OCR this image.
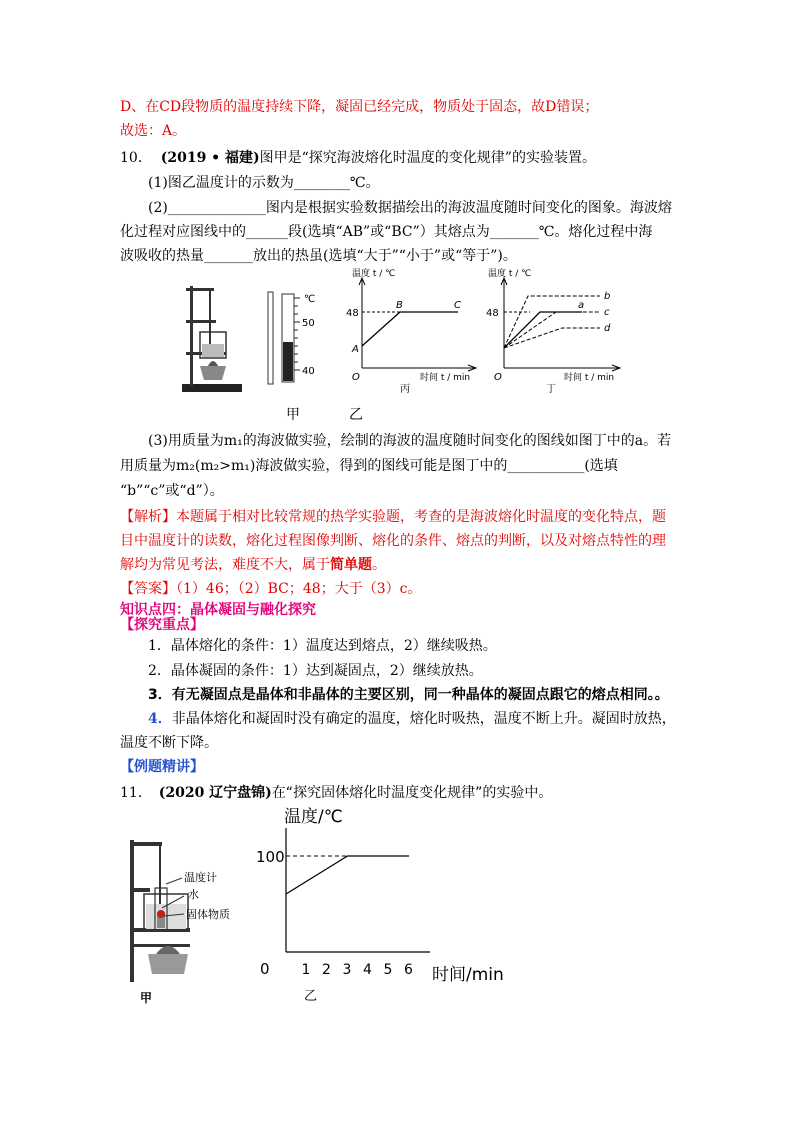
D、在CD段物质的温度持续下降，凝固已经完成，物质处于固态，故D错误；
故选：A。
10. (2019 • 福建)图甲是“探究海波熔化时温度的变化规律”的实验装置。
(1)图乙温度计的示数为________℃。
(2)______________图内是根据实验数据描绘出的海波温度随时间变化的图象。海波熔
化过程对应图线中的______段(选填“AB”或“BC”）其熔点为_______℃。熔化过程中海
波吸收的热量_______放出的热虽(选填“大于”“小于”或“等于”)。
甲
℃
50
40
乙
温度 t / ℃
48
O
A
B	C
时间 t / min
丙
温度 t / ℃
48
O
a
b
c
d
时间 t / min
丁
(3)用质量为m₁的海波做实验，绘制的海波的温度随时间变化的图线如图丁中的a。若
用质量为m₂(m₂>m₁)海波做实验，得到的图线可能是图丁中的___________(选填
“b”“c”或“d”）。
【解析】本题属于相对比较常规的热学实验题，考查的是海波熔化时温度的变化特点，题
目中温度计的读数，熔化过程图像判断、熔化的条件、熔点的判断，以及对熔点特性的理
解均为常见考法，难度不大，属于简单题。
【答案】（1）46；（2）BC；48；大于（3）c。
知识点四：晶体凝固与融化探究
【探究重点】
1．晶体熔化的条件：1）温度达到熔点，2）继续吸热。
2．晶体凝固的条件：1）达到凝固点，2）继续放热。
3．有无凝固点是晶体和非晶体的主要区别，同一种晶体的凝固点跟它的熔点相同。。
4．非晶体熔化和凝固时没有确定的温度，熔化时吸热，温度不断上升。凝固时放热，
温度不断下降。
【例题精讲】
11. (2020 辽宁盘锦)在“探究固体熔化时温度变化规律”的实验中。
温度计
水
固体物质
甲
温度/℃
100
0 1 2 3 4 5 6 时间/min
乙
